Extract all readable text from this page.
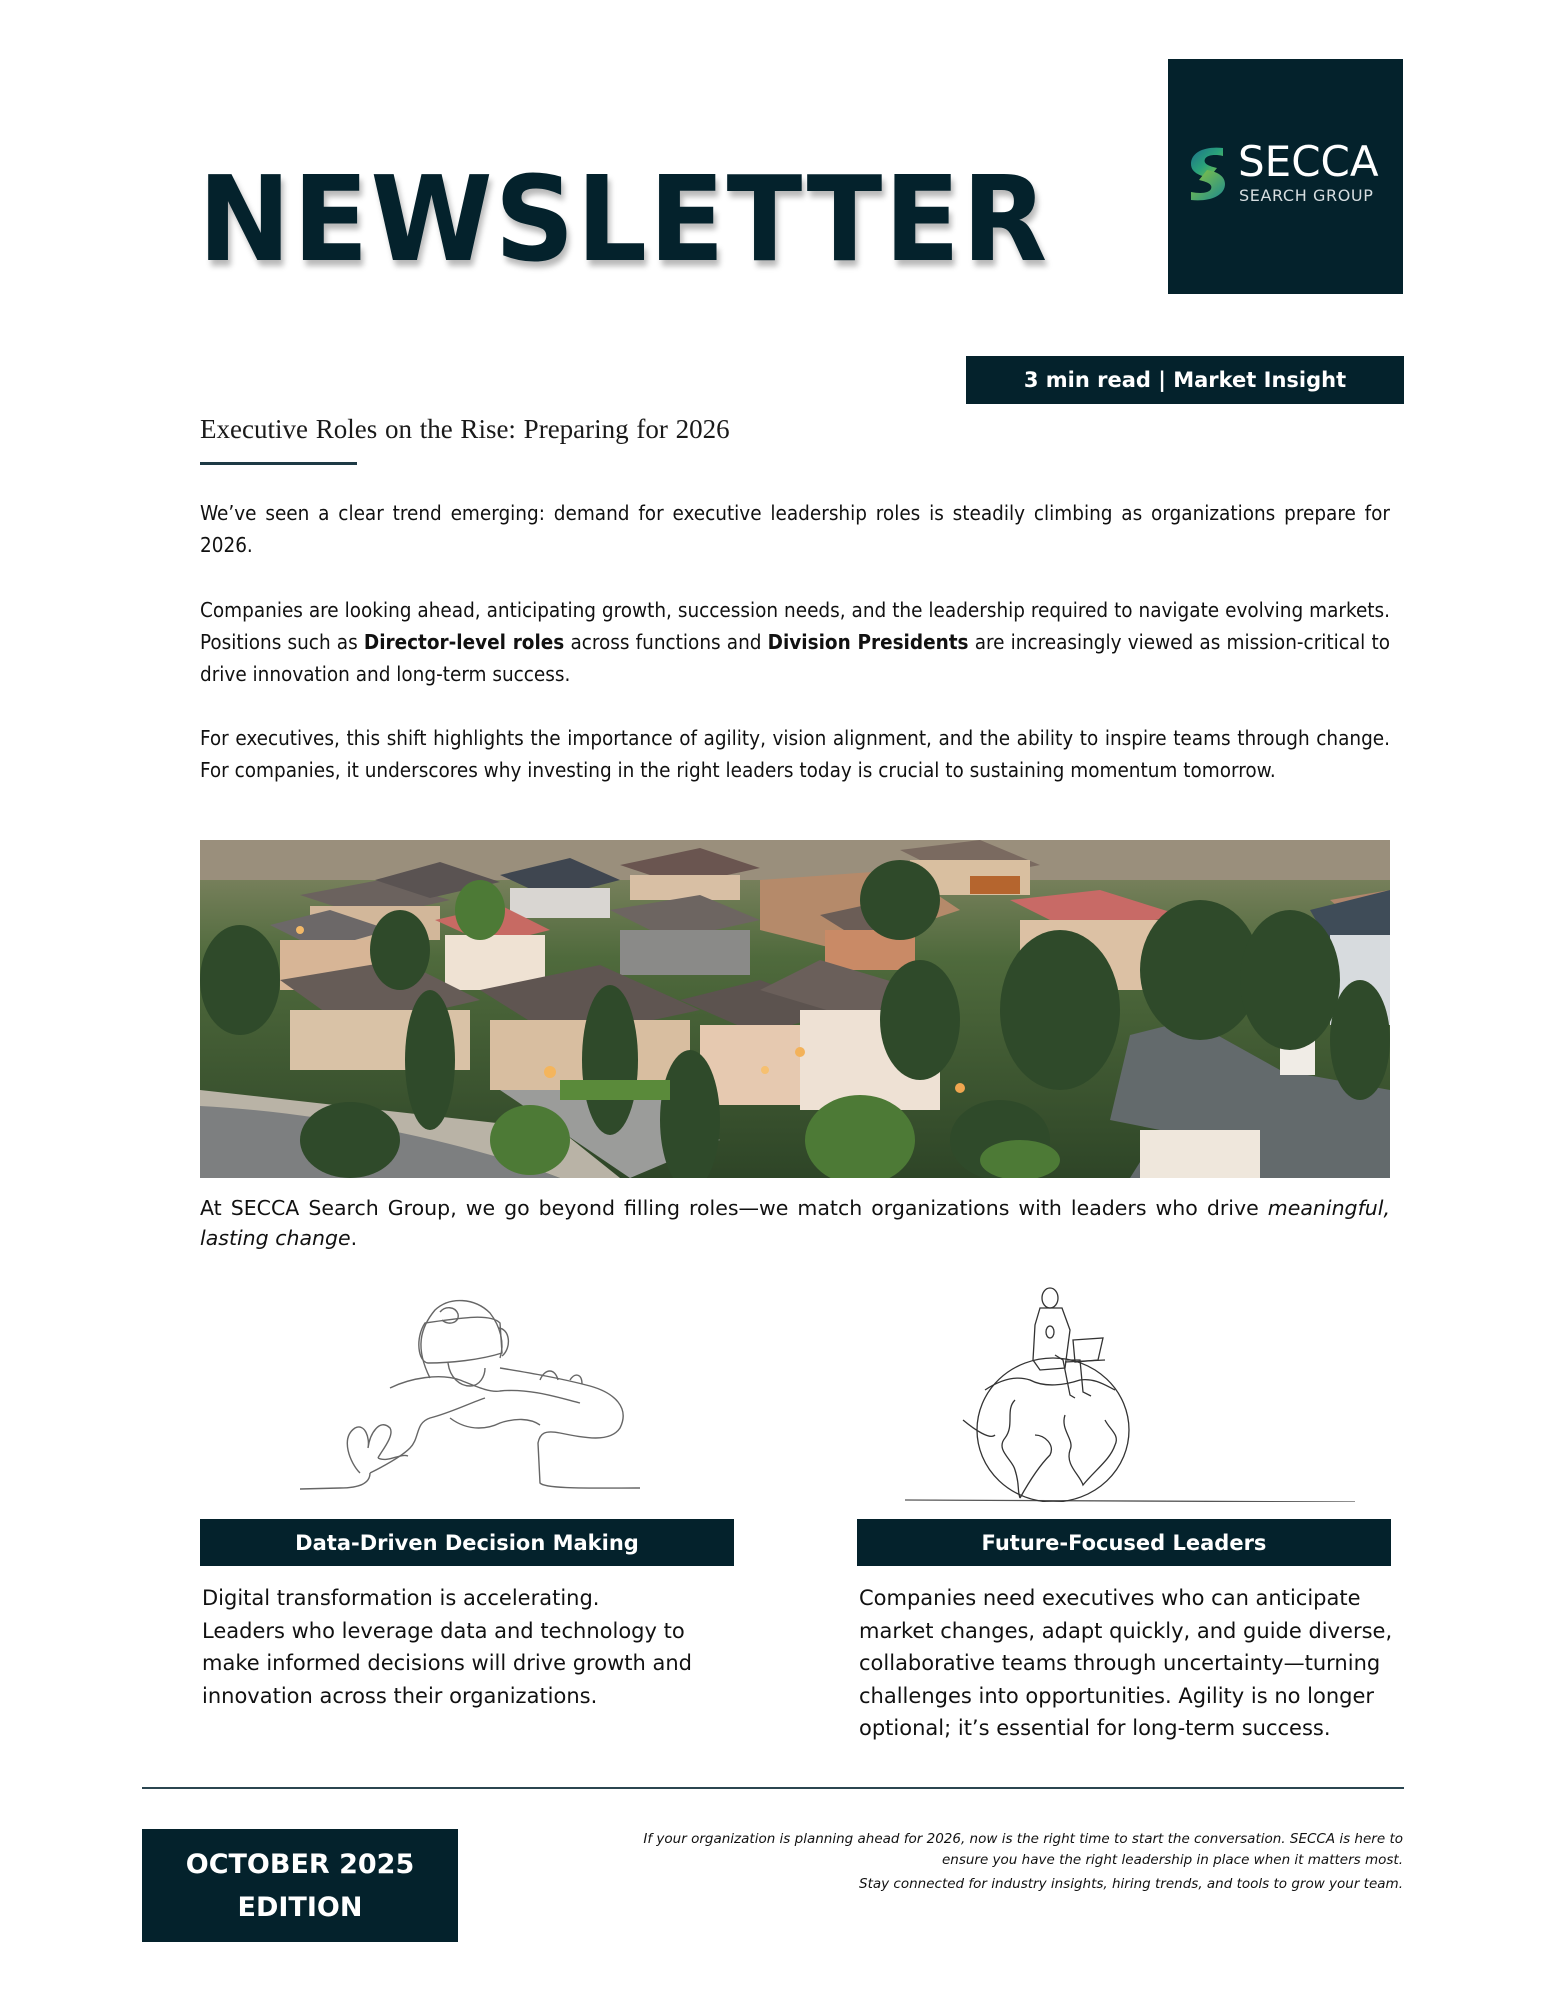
NEWSLETTER	SECCA
SEARCH GROUP
3 min read | Market Insight
Executive Roles on the Rise: Preparing for 2026

We’ve seen a clear trend emerging: demand for executive leadership roles is steadily climbing as organizations prepare for 2026.

Companies are looking ahead, anticipating growth, succession needs, and the leadership required to navigate evolving markets. Positions such as Director-level roles across functions and Division Presidents are increasingly viewed as mission-critical to drive innovation and long-term success.

For executives, this shift highlights the importance of agility, vision alignment, and the ability to inspire teams through change. For companies, it underscores why investing in the right leaders today is crucial to sustaining momentum tomorrow.

At SECCA Search Group, we go beyond filling roles—we match organizations with leaders who drive meaningful, lasting change.

Data-Driven Decision Making
Digital transformation is accelerating.
Leaders who leverage data and technology to make informed decisions will drive growth and innovation across their organizations.
Future-Focused Leaders
Companies need executives who can anticipate market changes, adapt quickly, and guide diverse, collaborative teams through uncertainty—turning challenges into opportunities. Agility is no longer optional; it’s essential for long-term success.
OCTOBER 2025
EDITION
If your organization is planning ahead for 2026, now is the right time to start the conversation. SECCA is here to ensure you have the right leadership in place when it matters most.
Stay connected for industry insights, hiring trends, and tools to grow your team.
